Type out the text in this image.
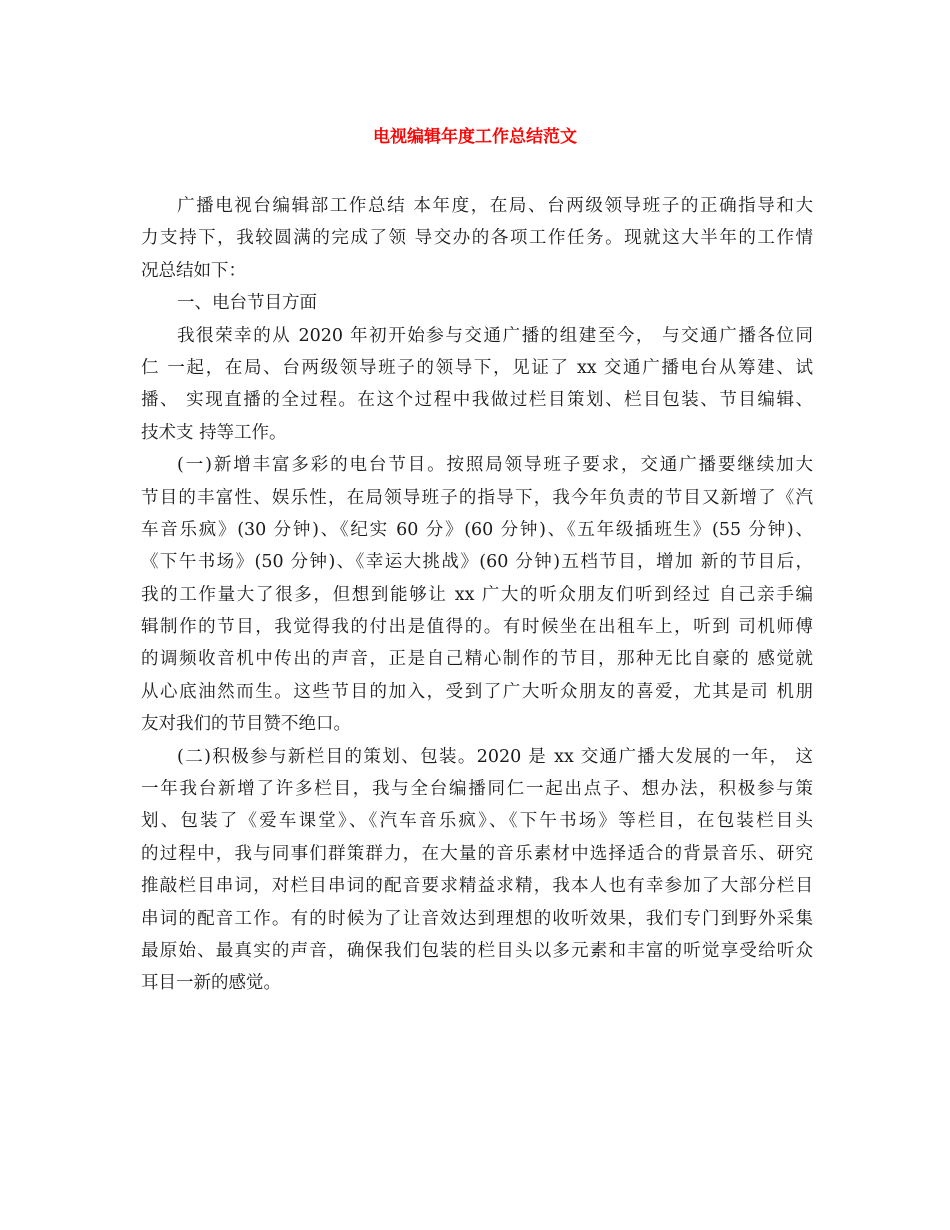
电视编辑年度工作总结范文
广播电视台编辑部工作总结 本年度，在局、台两级领导班子的正确指导和大
力支持下，我较圆满的完成了领 导交办的各项工作任务。现就这大半年的工作情
况总结如下：
一、电台节目方面
我很荣幸的从 2020 年初开始参与交通广播的组建至今， 与交通广播各位同
仁 一起，在局、台两级领导班子的领导下，见证了 xx 交通广播电台从筹建、试
播、 实现直播的全过程。在这个过程中我做过栏目策划、栏目包装、节目编辑、
技术支 持等工作。
(一)新增丰富多彩的电台节目。按照局领导班子要求，交通广播要继续加大
节目的丰富性、娱乐性，在局领导班子的指导下，我今年负责的节目又新增了《汽
车音乐疯》(30 分钟)、《纪实 60 分》(60 分钟)、《五年级插班生》(55 分钟)、
《下午书场》(50 分钟)、《幸运大挑战》(60 分钟)五档节目，增加 新的节目后，
我的工作量大了很多，但想到能够让 xx 广大的听众朋友们听到经过 自己亲手编
辑制作的节目，我觉得我的付出是值得的。有时候坐在出租车上，听到 司机师傅
的调频收音机中传出的声音，正是自己精心制作的节目，那种无比自豪的 感觉就
从心底油然而生。这些节目的加入，受到了广大听众朋友的喜爱，尤其是司 机朋
友对我们的节目赞不绝口。
(二)积极参与新栏目的策划、包装。2020 是 xx 交通广播大发展的一年， 这
一年我台新增了许多栏目，我与全台编播同仁一起出点子、想办法，积极参与策
划、包装了《爱车课堂》、《汽车音乐疯》、《下午书场》等栏目，在包装栏目头
的过程中，我与同事们群策群力，在大量的音乐素材中选择适合的背景音乐、研究
推敲栏目串词，对栏目串词的配音要求精益求精，我本人也有幸参加了大部分栏目
串词的配音工作。有的时候为了让音效达到理想的收听效果，我们专门到野外采集
最原始、最真实的声音，确保我们包装的栏目头以多元素和丰富的听觉享受给听众
耳目一新的感觉。
